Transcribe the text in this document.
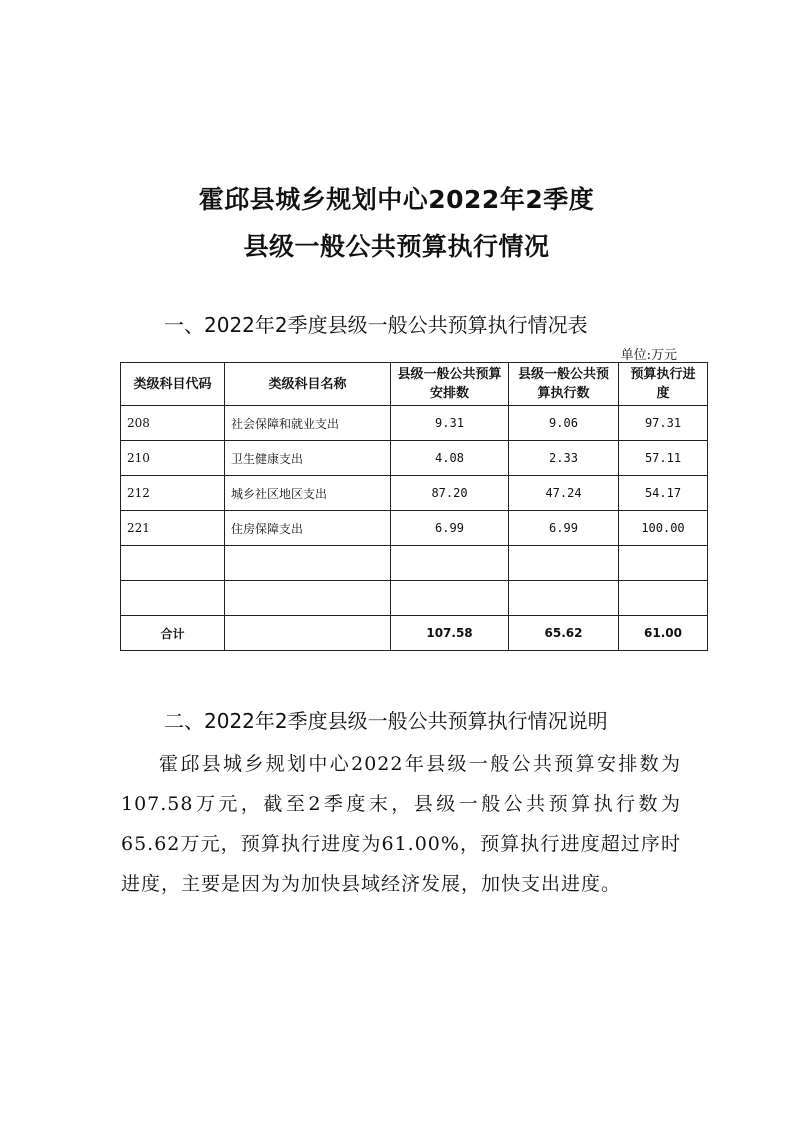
霍邱县城乡规划中心2022年2季度
县级一般公共预算执行情况
一、2022年2季度县级一般公共预算执行情况表
单位:万元
类级科目代码	类级科目名称	县级一般公共预算安排数	县级一般公共预算执行数	预算执行进度
208	社会保障和就业支出	9.31	9.06	97.31
210	卫生健康支出	4.08	2.33	57.11
212	城乡社区地区支出	87.20	47.24	54.17
221	住房保障支出	6.99	6.99	100.00

合计		107.58	65.62	61.00
二、2022年2季度县级一般公共预算执行情况说明
霍邱县城乡规划中心2022年县级一般公共预算安排数为107.58万元，截至2季度末，县级一般公共预算执行数为65.62万元，预算执行进度为61.00%，预算执行进度超过序时进度，主要是因为为加快县域经济发展，加快支出进度。
